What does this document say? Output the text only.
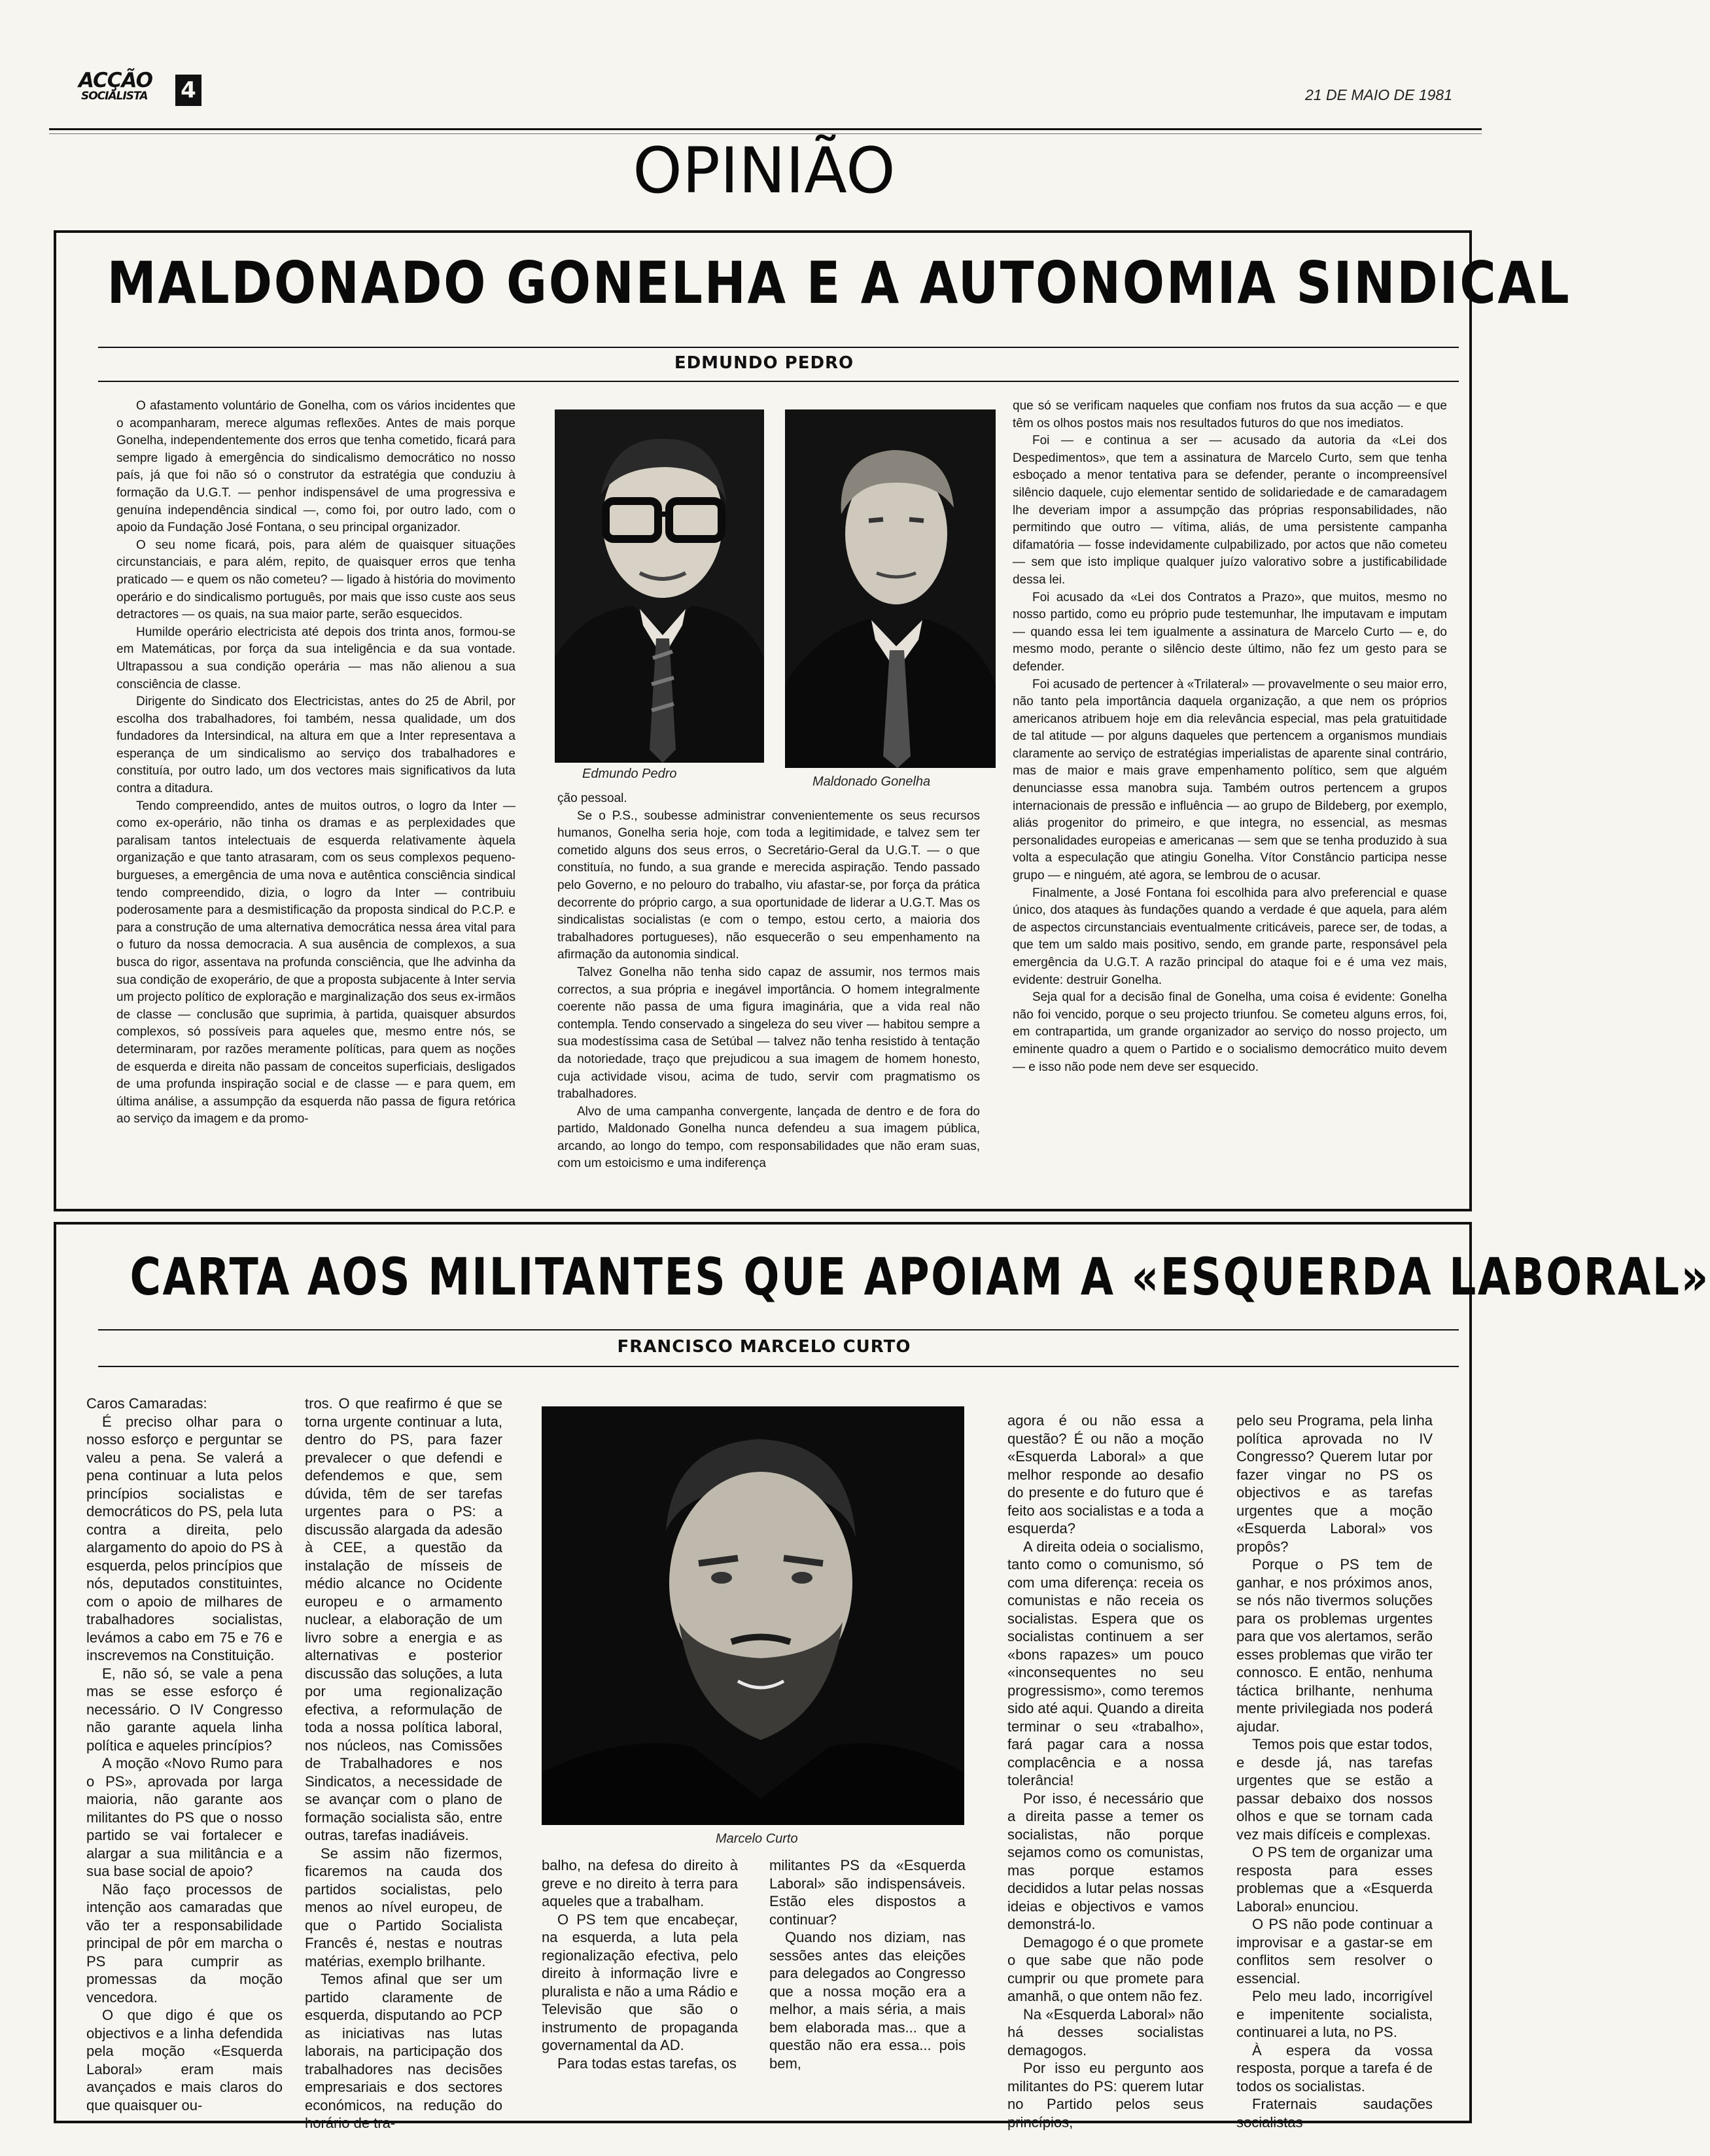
ACÇÃO
SOCIALISTA 4	21 DE MAIO DE 1981
OPINIÃO
MALDONADO GONELHA E A AUTONOMIA SINDICAL
EDMUNDO PEDRO

O afastamento voluntário de Gonelha, com os vários incidentes que o acompanharam, merece algumas reflexões. Antes de mais porque Gonelha, independentemente dos erros que tenha cometido, ficará para sempre ligado à emergência do sindicalismo democrático no nosso país, já que foi não só o construtor da estratégia que conduziu à formação da U.G.T. — penhor indispensável de uma progressiva e genuína independência sindical —, como foi, por outro lado, com o apoio da Fundação José Fontana, o seu principal organizador.

O seu nome ficará, pois, para além de quaisquer situações circunstanciais, e para além, repito, de quaisquer erros que tenha praticado — e quem os não cometeu? — ligado à história do movimento operário e do sindicalismo português, por mais que isso custe aos seus detractores — os quais, na sua maior parte, serão esquecidos.

Humilde operário electricista até depois dos trinta anos, formou-se em Matemáticas, por força da sua inteligência e da sua vontade. Ultrapassou a sua condição operária — mas não alienou a sua consciência de classe.

Dirigente do Sindicato dos Electricistas, antes do 25 de Abril, por escolha dos trabalhadores, foi também, nessa qualidade, um dos fundadores da Intersindical, na altura em que a Inter representava a esperança de um sindicalismo ao serviço dos trabalhadores e constituía, por outro lado, um dos vectores mais significativos da luta contra a ditadura.

Tendo compreendido, antes de muitos outros, o logro da Inter — como ex-operário, não tinha os dramas e as perplexidades que paralisam tantos intelectuais de esquerda relativamente àquela organização e que tanto atrasaram, com os seus complexos pequeno-burgueses, a emergência de uma nova e autêntica consciência sindical tendo compreendido, dizia, o logro da Inter — contribuiu poderosamente para a desmistificação da proposta sindical do P.C.P. e para a construção de uma alternativa democrática nessa área vital para o futuro da nossa democracia. A sua ausência de complexos, a sua busca do rigor, assentava na profunda consciência, que lhe advinha da sua condição de exoperário, de que a proposta subjacente à Inter servia um projecto político de exploração e marginalização dos seus ex-irmãos de classe — conclusão que suprimia, à partida, quaisquer absurdos complexos, só possíveis para aqueles que, mesmo entre nós, se determinaram, por razões meramente políticas, para quem as noções de esquerda e direita não passam de conceitos superficiais, desligados de uma profunda inspiração social e de classe — e para quem, em última análise, a assumpção da esquerda não passa de figura retórica ao serviço da imagem e da promo-

Edmundo Pedro
Maldonado Gonelha

ção pessoal.

Se o P.S., soubesse administrar convenientemente os seus recursos humanos, Gonelha seria hoje, com toda a legitimidade, e talvez sem ter cometido alguns dos seus erros, o Secretário-Geral da U.G.T. — o que constituía, no fundo, a sua grande e merecida aspiração. Tendo passado pelo Governo, e no pelouro do trabalho, viu afastar-se, por força da prática decorrente do próprio cargo, a sua oportunidade de liderar a U.G.T. Mas os sindicalistas socialistas (e com o tempo, estou certo, a maioria dos trabalhadores portugueses), não esquecerão o seu empenhamento na afirmação da autonomia sindical.

Talvez Gonelha não tenha sido capaz de assumir, nos termos mais correctos, a sua própria e inegável importância. O homem integralmente coerente não passa de uma figura imaginária, que a vida real não contempla. Tendo conservado a singeleza do seu viver — habitou sempre a sua modestíssima casa de Setúbal — talvez não tenha resistido à tentação da notoriedade, traço que prejudicou a sua imagem de homem honesto, cuja actividade visou, acima de tudo, servir com pragmatismo os trabalhadores.

Alvo de uma campanha convergente, lançada de dentro e de fora do partido, Maldonado Gonelha nunca defendeu a sua imagem pública, arcando, ao longo do tempo, com responsabilidades que não eram suas, com um estoicismo e uma indiferença

que só se verificam naqueles que confiam nos frutos da sua acção — e que têm os olhos postos mais nos resultados futuros do que nos imediatos.

Foi — e continua a ser — acusado da autoria da «Lei dos Despedimentos», que tem a assinatura de Marcelo Curto, sem que tenha esboçado a menor tentativa para se defender, perante o incompreensível silêncio daquele, cujo elementar sentido de solidariedade e de camaradagem lhe deveriam impor a assumpção das próprias responsabilidades, não permitindo que outro — vítima, aliás, de uma persistente campanha difamatória — fosse indevidamente culpabilizado, por actos que não cometeu — sem que isto implique qualquer juízo valorativo sobre a justificabilidade dessa lei.

Foi acusado da «Lei dos Contratos a Prazo», que muitos, mesmo no nosso partido, como eu próprio pude testemunhar, lhe imputavam e imputam — quando essa lei tem igualmente a assinatura de Marcelo Curto — e, do mesmo modo, perante o silêncio deste último, não fez um gesto para se defender.

Foi acusado de pertencer à «Trilateral» — provavelmente o seu maior erro, não tanto pela importância daquela organização, a que nem os próprios americanos atribuem hoje em dia relevância especial, mas pela gratuitidade de tal atitude — por alguns daqueles que pertencem a organismos mundiais claramente ao serviço de estratégias imperialistas de aparente sinal contrário, mas de maior e mais grave empenhamento político, sem que alguém denunciasse essa manobra suja. Também outros pertencem a grupos internacionais de pressão e influência — ao grupo de Bildeberg, por exemplo, aliás progenitor do primeiro, e que integra, no essencial, as mesmas personalidades europeias e americanas — sem que se tenha produzido à sua volta a especulação que atingiu Gonelha. Vítor Constâncio participa nesse grupo — e ninguém, até agora, se lembrou de o acusar.

Finalmente, a José Fontana foi escolhida para alvo preferencial e quase único, dos ataques às fundações quando a verdade é que aquela, para além de aspectos circunstanciais eventualmente criticáveis, parece ser, de todas, a que tem um saldo mais positivo, sendo, em grande parte, responsável pela emergência da U.G.T. A razão principal do ataque foi e é uma vez mais, evidente: destruir Gonelha.

Seja qual for a decisão final de Gonelha, uma coisa é evidente: Gonelha não foi vencido, porque o seu projecto triunfou. Se cometeu alguns erros, foi, em contrapartida, um grande organizador ao serviço do nosso projecto, um eminente quadro a quem o Partido e o socialismo democrático muito devem — e isso não pode nem deve ser esquecido.

CARTA AOS MILITANTES QUE APOIAM A «ESQUERDA LABORAL»
FRANCISCO MARCELO CURTO

Caros Camaradas:

É preciso olhar para o nosso esforço e perguntar se valeu a pena. Se valerá a pena continuar a luta pelos princípios socialistas e democráticos do PS, pela luta contra a direita, pelo alargamento do apoio do PS à esquerda, pelos princípios que nós, deputados constituintes, com o apoio de milhares de trabalhadores socialistas, levámos a cabo em 75 e 76 e inscrevemos na Constituição.

E, não só, se vale a pena mas se esse esforço é necessário. O IV Congresso não garante aquela linha política e aqueles princípios?

A moção «Novo Rumo para o PS», aprovada por larga maioria, não garante aos militantes do PS que o nosso partido se vai fortalecer e alargar a sua militância e a sua base social de apoio?

Não faço processos de intenção aos camaradas que vão ter a responsabilidade principal de pôr em marcha o PS para cumprir as promessas da moção vencedora.

O que digo é que os objectivos e a linha defendida pela moção «Esquerda Laboral» eram mais avançados e mais claros do que quaisquer ou-

tros. O que reafirmo é que se torna urgente continuar a luta, dentro do PS, para fazer prevalecer o que defendi e defendemos e que, sem dúvida, têm de ser tarefas urgentes para o PS: a discussão alargada da adesão à CEE, a questão da instalação de mísseis de médio alcance no Ocidente europeu e o armamento nuclear, a elaboração de um livro sobre a energia e as alternativas e posterior discussão das soluções, a luta por uma regionalização efectiva, a reformulação de toda a nossa política laboral, nos núcleos, nas Comissões de Trabalhadores e nos Sindicatos, a necessidade de se avançar com o plano de formação socialista são, entre outras, tarefas inadiáveis.

Se assim não fizermos, ficaremos na cauda dos partidos socialistas, pelo menos ao nível europeu, de que o Partido Socialista Francês é, nestas e noutras matérias, exemplo brilhante.

Temos afinal que ser um partido claramente de esquerda, disputando ao PCP as iniciativas nas lutas laborais, na participação dos trabalhadores nas decisões empresariais e dos sectores económicos, na redução do horário de tra-

Marcelo Curto

balho, na defesa do direito à greve e no direito à terra para aqueles que a trabalham.

O PS tem que encabeçar, na esquerda, a luta pela regionalização efectiva, pelo direito à informação livre e pluralista e não a uma Rádio e Televisão que são o instrumento de propaganda governamental da AD.

Para todas estas tarefas, os

militantes PS da «Esquerda Laboral» são indispensáveis. Estão eles dispostos a continuar?

Quando nos diziam, nas sessões antes das eleições para delegados ao Congresso que a nossa moção era a melhor, a mais séria, a mais bem elaborada mas... que a questão não era essa... pois bem,

agora é ou não essa a questão? É ou não a moção «Esquerda Laboral» a que melhor responde ao desafio do presente e do futuro que é feito aos socialistas e a toda a esquerda?

A direita odeia o socialismo, tanto como o comunismo, só com uma diferença: receia os comunistas e não receia os socialistas. Espera que os socialistas continuem a ser «bons rapazes» um pouco «inconsequentes no seu progressismo», como teremos sido até aqui. Quando a direita terminar o seu «trabalho», fará pagar cara a nossa complacência e a nossa tolerância!

Por isso, é necessário que a direita passe a temer os socialistas, não porque sejamos como os comunistas, mas porque estamos decididos a lutar pelas nossas ideias e objectivos e vamos demonstrá-lo.

Demagogo é o que promete o que sabe que não pode cumprir ou que promete para amanhã, o que ontem não fez.

Na «Esquerda Laboral» não há desses socialistas demagogos.

Por isso eu pergunto aos militantes do PS: querem lutar no Partido pelos seus princípios,

pelo seu Programa, pela linha política aprovada no IV Congresso? Querem lutar por fazer vingar no PS os objectivos e as tarefas urgentes que a moção «Esquerda Laboral» vos propôs?

Porque o PS tem de ganhar, e nos próximos anos, se nós não tivermos soluções para os problemas urgentes para que vos alertamos, serão esses problemas que virão ter connosco. E então, nenhuma táctica brilhante, nenhuma mente privilegiada nos poderá ajudar.

Temos pois que estar todos, e desde já, nas tarefas urgentes que se estão a passar debaixo dos nossos olhos e que se tornam cada vez mais difíceis e complexas.

O PS tem de organizar uma resposta para esses problemas que a «Esquerda Laboral» enunciou.

O PS não pode continuar a improvisar e a gastar-se em conflitos sem resolver o essencial.

Pelo meu lado, incorrigível e impenitente socialista, continuarei a luta, no PS.

À espera da vossa resposta, porque a tarefa é de todos os socialistas.

Fraternais saudações socialistas
